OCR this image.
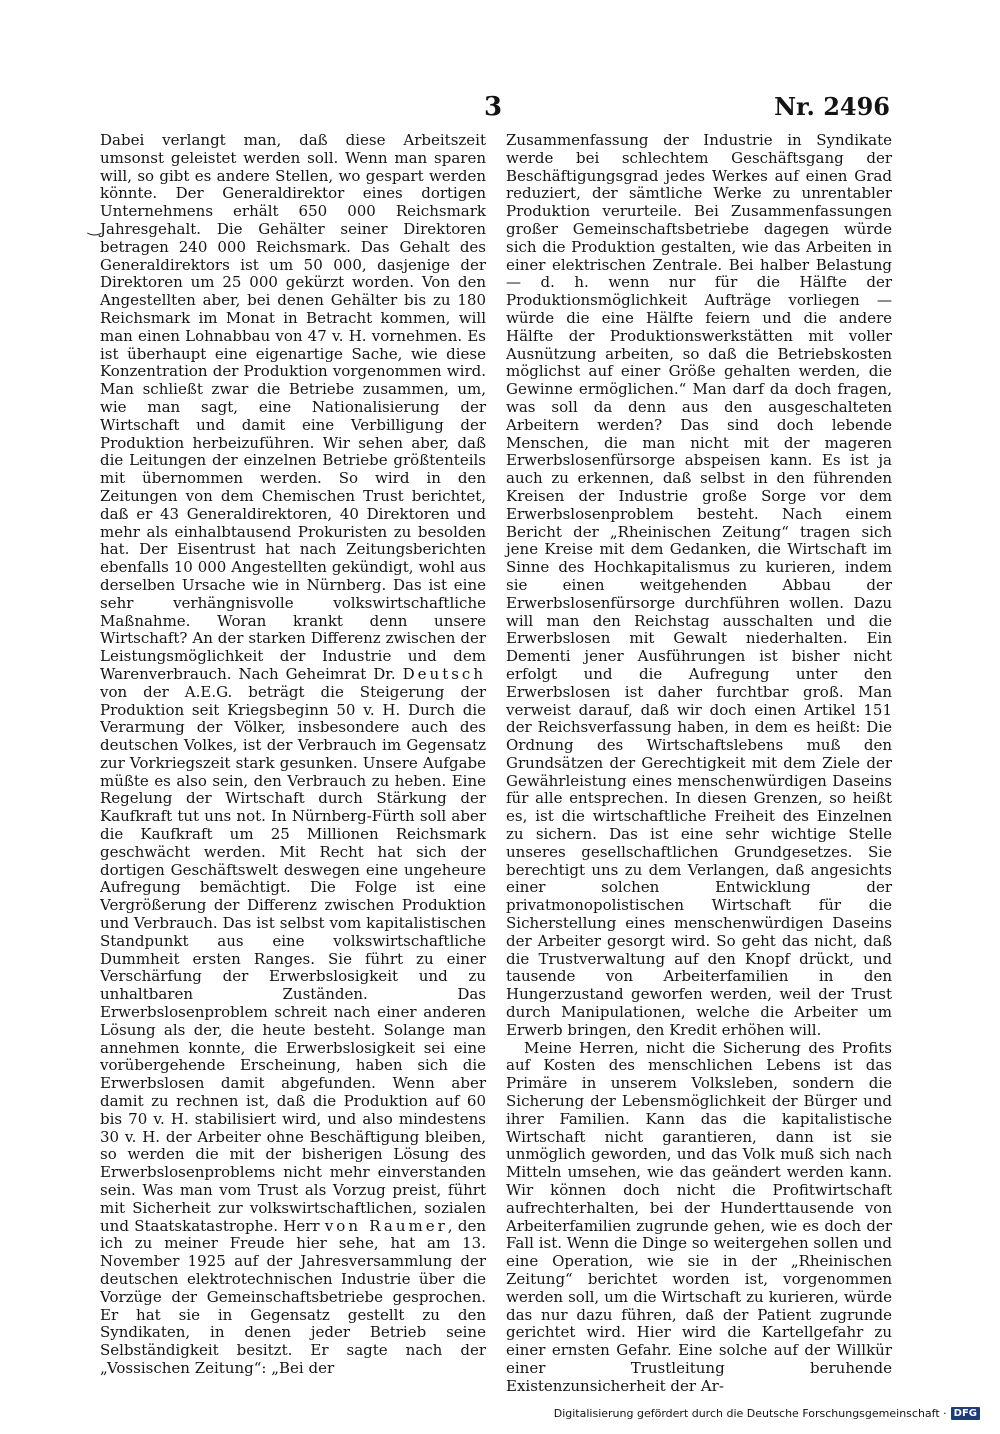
3	Nr. 2496
‿

Dabei verlangt man, daß diese Arbeitszeit umsonst geleistet werden soll. Wenn man sparen will, so gibt es andere Stellen, wo gespart werden könnte. Der Generaldirektor eines dortigen Unternehmens erhält 650 000 Reichsmark Jahresgehalt. Die Gehälter seiner Direktoren betragen 240 000 Reichsmark. Das Gehalt des Generaldirektors ist um 50 000, dasjenige der Direktoren um 25 000 gekürzt worden. Von den Angestellten aber, bei denen Gehälter bis zu 180 Reichsmark im Monat in Betracht kommen, will man einen Lohnabbau von 47 v. H. vornehmen. Es ist überhaupt eine eigenartige Sache, wie diese Konzentration der Produktion vorgenommen wird. Man schließt zwar die Betriebe zusammen, um, wie man sagt, eine Nationalisierung der Wirtschaft und damit eine Verbilligung der Produktion herbeizuführen. Wir sehen aber, daß die Leitungen der einzelnen Betriebe größtenteils mit übernommen werden. So wird in den Zeitungen von dem Chemischen Trust berichtet, daß er 43 Generaldirektoren, 40 Direktoren und mehr als einhalbtausend Prokuristen zu besolden hat. Der Eisentrust hat nach Zeitungsberichten ebenfalls 10 000 Angestellten gekündigt, wohl aus derselben Ursache wie in Nürnberg. Das ist eine sehr verhängnisvolle volkswirtschaftliche Maßnahme. Woran krankt denn unsere Wirtschaft? An der starken Differenz zwischen der Leistungsmöglichkeit der Industrie und dem Warenverbrauch. Nach Geheimrat Dr. Deutsch von der A.E.G. beträgt die Steigerung der Produktion seit Kriegsbeginn 50 v. H. Durch die Verarmung der Völker, insbesondere auch des deutschen Volkes, ist der Verbrauch im Gegensatz zur Vorkriegszeit stark gesunken. Unsere Aufgabe müßte es also sein, den Verbrauch zu heben. Eine Regelung der Wirtschaft durch Stärkung der Kaufkraft tut uns not. In Nürnberg-Fürth soll aber die Kaufkraft um 25 Millionen Reichsmark geschwächt werden. Mit Recht hat sich der dortigen Geschäftswelt deswegen eine ungeheure Aufregung bemächtigt. Die Folge ist eine Vergrößerung der Differenz zwischen Produktion und Verbrauch. Das ist selbst vom kapitalistischen Standpunkt aus eine volkswirtschaftliche Dummheit ersten Ranges. Sie führt zu einer Verschärfung der Erwerbslosigkeit und zu unhaltbaren Zuständen. Das Erwerbslosenproblem schreit nach einer anderen Lösung als der, die heute besteht. Solange man annehmen konnte, die Erwerbslosigkeit sei eine vorübergehende Erscheinung, haben sich die Erwerbslosen damit abgefunden. Wenn aber damit zu rechnen ist, daß die Produktion auf 60 bis 70 v. H. stabilisiert wird, und also mindestens 30 v. H. der Arbeiter ohne Beschäftigung bleiben, so werden die mit der bisherigen Lösung des Erwerbslosenproblems nicht mehr einverstanden sein. Was man vom Trust als Vorzug preist, führt mit Sicherheit zur volkswirtschaftlichen, sozialen und Staatskatastrophe. Herr von Raumer, den ich zu meiner Freude hier sehe, hat am 13. November 1925 auf der Jahresversammlung der deutschen elektrotechnischen Industrie über die Vorzüge der Gemeinschaftsbetriebe gesprochen. Er hat sie in Gegensatz gestellt zu den Syndikaten, in denen jeder Betrieb seine Selbständigkeit besitzt. Er sagte nach der „Vossischen Zeitung“: „Bei der

Zusammenfassung der Industrie in Syndikate werde bei schlechtem Geschäftsgang der Beschäftigungsgrad jedes Werkes auf einen Grad reduziert, der sämtliche Werke zu unrentabler Produktion verurteile. Bei Zusammenfassungen großer Gemeinschaftsbetriebe dagegen würde sich die Produktion gestalten, wie das Arbeiten in einer elektrischen Zentrale. Bei halber Belastung — d. h. wenn nur für die Hälfte der Produktionsmöglichkeit Aufträge vorliegen — würde die eine Hälfte feiern und die andere Hälfte der Produktionswerkstätten mit voller Ausnützung arbeiten, so daß die Betriebskosten möglichst auf einer Größe gehalten werden, die Gewinne ermöglichen.“ Man darf da doch fragen, was soll da denn aus den ausgeschalteten Arbeitern werden? Das sind doch lebende Menschen, die man nicht mit der mageren Erwerbslosenfürsorge abspeisen kann. Es ist ja auch zu erkennen, daß selbst in den führenden Kreisen der Industrie große Sorge vor dem Erwerbslosenproblem besteht. Nach einem Bericht der „Rheinischen Zeitung“ tragen sich jene Kreise mit dem Gedanken, die Wirtschaft im Sinne des Hochkapitalismus zu kurieren, indem sie einen weitgehenden Abbau der Erwerbslosenfürsorge durchführen wollen. Dazu will man den Reichstag ausschalten und die Erwerbslosen mit Gewalt niederhalten. Ein Dementi jener Ausführungen ist bisher nicht erfolgt und die Aufregung unter den Erwerbslosen ist daher furchtbar groß. Man verweist darauf, daß wir doch einen Artikel 151 der Reichsverfassung haben, in dem es heißt: Die Ordnung des Wirtschaftslebens muß den Grundsätzen der Gerechtigkeit mit dem Ziele der Gewährleistung eines menschenwürdigen Daseins für alle entsprechen. In diesen Grenzen, so heißt es, ist die wirtschaftliche Freiheit des Einzelnen zu sichern. Das ist eine sehr wichtige Stelle unseres gesellschaftlichen Grundgesetzes. Sie berechtigt uns zu dem Verlangen, daß angesichts einer solchen Entwicklung der privatmonopolistischen Wirtschaft für die Sicherstellung eines menschenwürdigen Daseins der Arbeiter gesorgt wird. So geht das nicht, daß die Trustverwaltung auf den Knopf drückt, und tausende von Arbeiterfamilien in den Hungerzustand geworfen werden, weil der Trust durch Manipulationen, welche die Arbeiter um Erwerb bringen, den Kredit erhöhen will.

Meine Herren, nicht die Sicherung des Profits auf Kosten des menschlichen Lebens ist das Primäre in unserem Volksleben, sondern die Sicherung der Lebensmöglichkeit der Bürger und ihrer Familien. Kann das die kapitalistische Wirtschaft nicht garantieren, dann ist sie unmöglich geworden, und das Volk muß sich nach Mitteln umsehen, wie das geändert werden kann. Wir können doch nicht die Profitwirtschaft aufrechterhalten, bei der Hunderttausende von Arbeiterfamilien zugrunde gehen, wie es doch der Fall ist. Wenn die Dinge so weitergehen sollen und eine Operation, wie sie in der „Rheinischen Zeitung“ berichtet worden ist, vorgenommen werden soll, um die Wirtschaft zu kurieren, würde das nur dazu führen, daß der Patient zugrunde gerichtet wird. Hier wird die Kartellgefahr zu einer ernsten Gefahr. Eine solche auf der Willkür einer Trustleitung beruhende Existenzunsicherheit der Ar-

Digitalisierung gefördert durch die Deutsche Forschungsgemeinschaft · DFG
